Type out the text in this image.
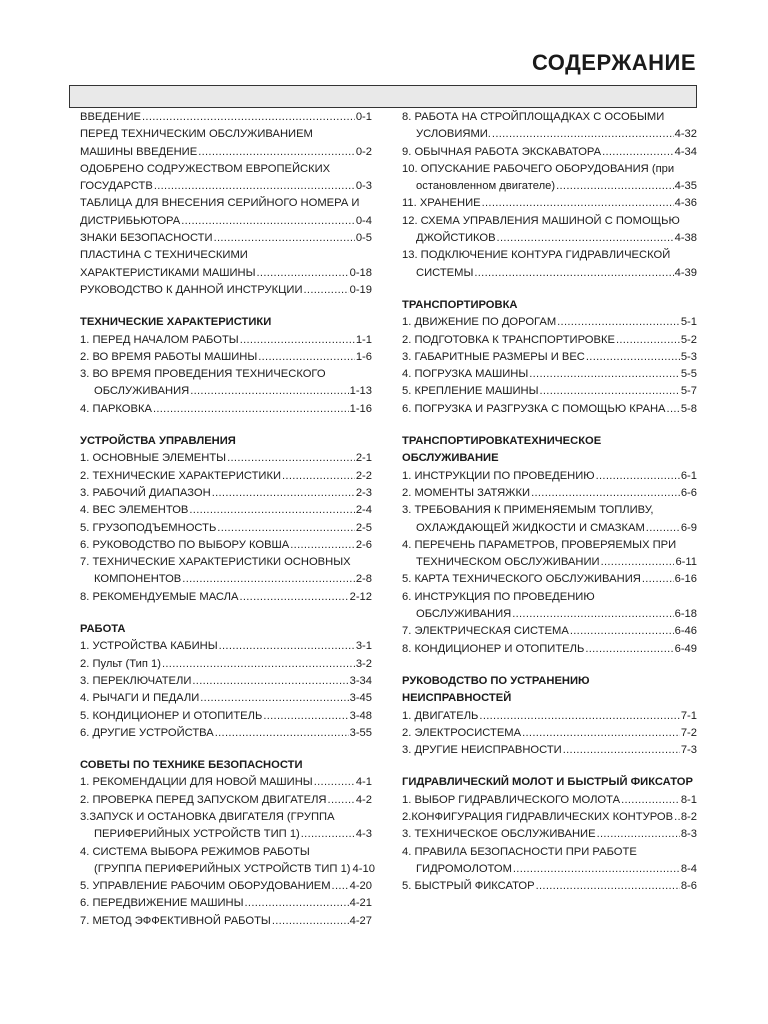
СОДЕРЖАНИЕ
ВВЕДЕНИЕ .....	0-1
ПЕРЕД ТЕХНИЧЕСКИМ ОБСЛУЖИВАНИЕМ
МАШИНЫ ВВЕДЕНИЕ .....	0-2
ОДОБРЕНО СОДРУЖЕСТВОМ ЕВРОПЕЙСКИХ
ГОСУДАРСТВ .....	0-3
ТАБЛИЦА ДЛЯ ВНЕСЕНИЯ СЕРИЙНОГО НОМЕРА И
ДИСТРИБЬЮТОРА .....	0-4
ЗНАКИ БЕЗОПАСНОСТИ .....	0-5
ПЛАСТИНА С ТЕХНИЧЕСКИМИ
ХАРАКТЕРИСТИКАМИ МАШИНЫ .....	0-18
РУКОВОДСТВО К ДАННОЙ ИНСТРУКЦИИ .....	0-19
ТЕХНИЧЕСКИЕ ХАРАКТЕРИСТИКИ
1. ПЕРЕД НАЧАЛОМ РАБОТЫ .....	1-1
2. ВО ВРЕМЯ РАБОТЫ МАШИНЫ .....	1-6
3. ВО ВРЕМЯ ПРОВЕДЕНИЯ ТЕХНИЧЕСКОГО
ОБСЛУЖИВАНИЯ .....	1-13
4. ПАРКОВКА .....	1-16
УСТРОЙСТВА УПРАВЛЕНИЯ
1. ОСНОВНЫЕ ЭЛЕМЕНТЫ .....	2-1
2. ТЕХНИЧЕСКИЕ ХАРАКТЕРИСТИКИ .....	2-2
3. РАБОЧИЙ ДИАПАЗОН .....	2-3
4. ВЕС ЭЛЕМЕНТОВ .....	2-4
5. ГРУЗОПОДЪЕМНОСТЬ .....	2-5
6. РУКОВОДСТВО ПО ВЫБОРУ КОВША .....	2-6
7. ТЕХНИЧЕСКИЕ ХАРАКТЕРИСТИКИ ОСНОВНЫХ
КОМПОНЕНТОВ .....	2-8
8. РЕКОМЕНДУЕМЫЕ МАСЛА .....	2-12
РАБОТА
1. УСТРОЙСТВА КАБИНЫ .....	3-1
2. Пульт (Тип 1) .....	3-2
3. ПЕРЕКЛЮЧАТЕЛИ .....	3-34
4. РЫЧАГИ И ПЕДАЛИ .....	3-45
5. КОНДИЦИОНЕР И ОТОПИТЕЛЬ .....	3-48
6. ДРУГИЕ УСТРОЙСТВА .....	3-55
СОВЕТЫ ПО ТЕХНИКЕ БЕЗОПАСНОСТИ
1. РЕКОМЕНДАЦИИ ДЛЯ НОВОЙ МАШИНЫ .....	4-1
2. ПРОВЕРКА ПЕРЕД ЗАПУСКОМ ДВИГАТЕЛЯ .....	4-2
3.ЗАПУСК И ОСТАНОВКА ДВИГАТЕЛЯ (ГРУППА
ПЕРИФЕРИЙНЫХ УСТРОЙСТВ ТИП 1) .....	4-3
4. СИСТЕМА ВЫБОРА РЕЖИМОВ РАБОТЫ
(ГРУППА ПЕРИФЕРИЙНЫХ УСТРОЙСТВ ТИП 1) 4-10
5. УПРАВЛЕНИЕ РАБОЧИМ ОБОРУДОВАНИЕМ ..... 4-20
6. ПЕРЕДВИЖЕНИЕ МАШИНЫ .....	4-21
7. МЕТОД ЭФФЕКТИВНОЙ РАБОТЫ .....	4-27
8. РАБОТА НА СТРОЙПЛОЩАДКАХ С ОСОБЫМИ
УСЛОВИЯМИ. .....	4-32
9. ОБЫЧНАЯ РАБОТА ЭКСКАВАТОРА .....	4-34
10. ОПУСКАНИЕ РАБОЧЕГО ОБОРУДОВАНИЯ (при
остановленном двигателе) .....	4-35
11. ХРАНЕНИЕ .....	4-36
12. СХЕМА УПРАВЛЕНИЯ МАШИНОЙ С ПОМОЩЬЮ
ДЖОЙСТИКОВ .....	4-38
13. ПОДКЛЮЧЕНИЕ КОНТУРА ГИДРАВЛИЧЕСКОЙ
СИСТЕМЫ .....	4-39
ТРАНСПОРТИРОВКА
1. ДВИЖЕНИЕ ПО ДОРОГАМ .....	5-1
2. ПОДГОТОВКА К ТРАНСПОРТИРОВКЕ .....	5-2
3. ГАБАРИТНЫЕ РАЗМЕРЫ И ВЕС .....	5-3
4. ПОГРУЗКА МАШИНЫ .....	5-5
5. КРЕПЛЕНИЕ МАШИНЫ .....	5-7
6. ПОГРУЗКА И РАЗГРУЗКА С ПОМОЩЬЮ КРАНА ..... 5-8
ТРАНСПОРТИРОВКАТЕХНИЧЕСКОЕ ОБСЛУЖИВАНИЕ
1. ИНСТРУКЦИИ ПО ПРОВЕДЕНИЮ .....	6-1
2. МОМЕНТЫ ЗАТЯЖКИ .....	6-6
3. ТРЕБОВАНИЯ К ПРИМЕНЯЕМЫМ ТОПЛИВУ,
ОХЛАЖДАЮЩЕЙ ЖИДКОСТИ И СМАЗКАМ .....	6-9
4. ПЕРЕЧЕНЬ ПАРАМЕТРОВ, ПРОВЕРЯЕМЫХ ПРИ
ТЕХНИЧЕСКОМ ОБСЛУЖИВАНИИ .....	6-11
5. КАРТА ТЕХНИЧЕСКОГО ОБСЛУЖИВАНИЯ .....	6-16
6. ИНСТРУКЦИЯ ПО ПРОВЕДЕНИЮ
ОБСЛУЖИВАНИЯ .....	6-18
7. ЭЛЕКТРИЧЕСКАЯ СИСТЕМА .....	6-46
8. КОНДИЦИОНЕР И ОТОПИТЕЛЬ .....	6-49
РУКОВОДСТВО ПО УСТРАНЕНИЮ НЕИСПРАВНОСТЕЙ
1. ДВИГАТЕЛЬ .....	7-1
2. ЭЛЕКТРОСИСТЕМА .....	7-2
3. ДРУГИЕ НЕИСПРАВНОСТИ .....	7-3
ГИДРАВЛИЧЕСКИЙ МОЛОТ И БЫСТРЫЙ ФИКСАТОР
1. ВЫБОР ГИДРАВЛИЧЕСКОГО МОЛОТА .....	8-1
2.КОНФИГУРАЦИЯ ГИДРАВЛИЧЕСКИХ КОНТУРОВ ..... 8-2
3. ТЕХНИЧЕСКОЕ ОБСЛУЖИВАНИЕ .....	8-3
4. ПРАВИЛА БЕЗОПАСНОСТИ ПРИ РАБОТЕ
ГИДРОМОЛОТОМ .....	8-4
5. БЫСТРЫЙ ФИКСАТОР .....	8-6
